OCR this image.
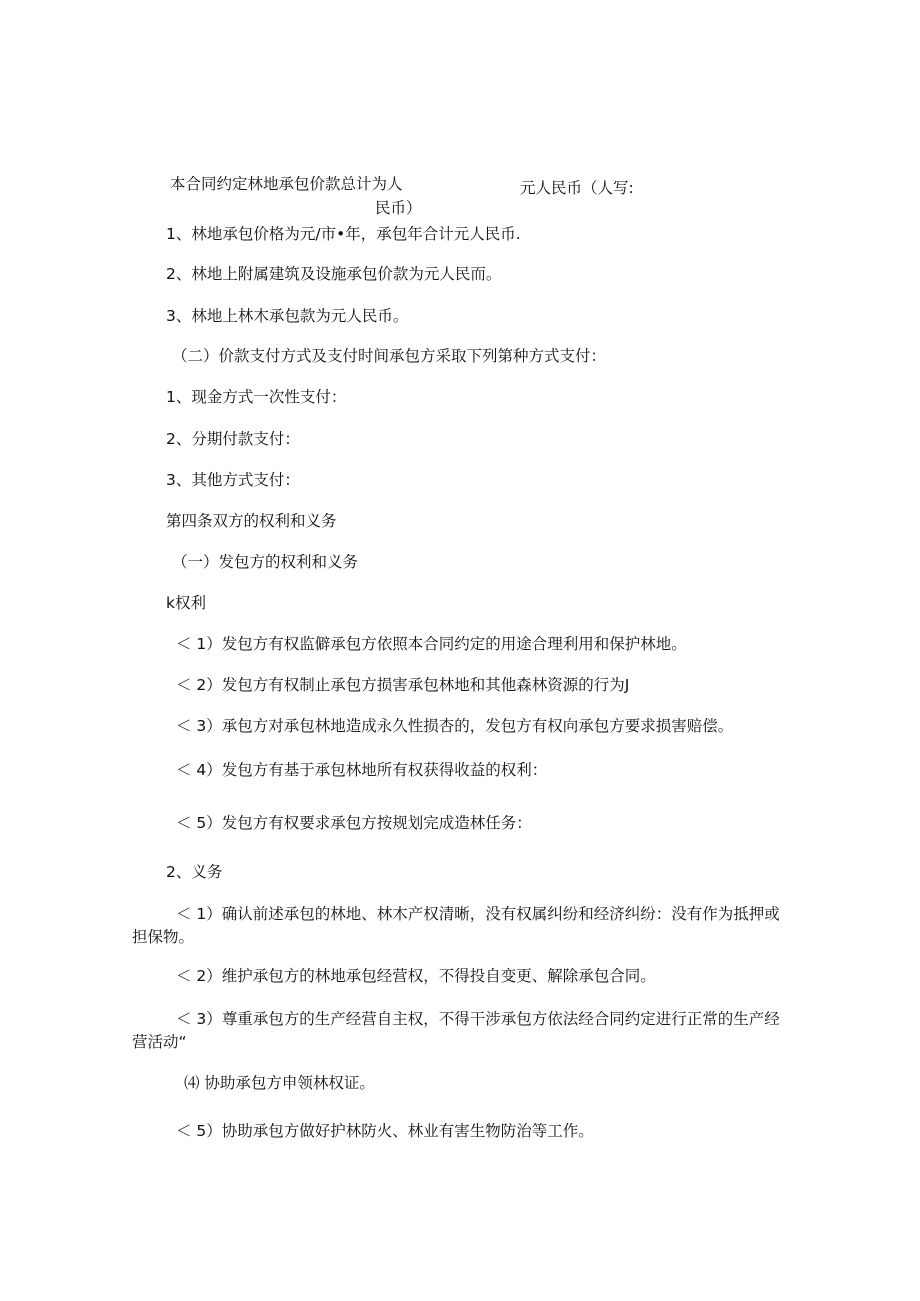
本合同约定林地承包价款总计为人	元人民币（人写:
民币）
1、林地承包价格为元/市•年，承包年合计元人民币.
2、林地上附属建筑及设施承包价款为元人民而。
3、林地上林木承包款为元人民币。
（二）价款支付方式及支付时间承包方采取下列第种方式支付：
1、现金方式一次性支付：
2、分期付款支付：
3、其他方式支付：
第四条双方的权利和义务
（一）发包方的权利和义务
k权利
＜ 1）发包方有权监僻承包方依照本合同约定的用途合理利用和保护林地。
＜ 2）发包方有权制止承包方损害承包林地和其他森林资源的行为J
＜ 3）承包方对承包林地造成永久性损杏的，发包方有权向承包方要求损害赔偿。
＜ 4）发包方有基于承包林地所有权获得收益的权利：
＜ 5）发包方有权要求承包方按规划完成造林任务：
2、义务
＜ 1）确认前述承包的林地、林木产权清晰，没有权属纠纷和经济纠纷：没有作为抵押或担保物。
＜ 2）维护承包方的林地承包经营权，不得投自变更、解除承包合同。
＜ 3）尊重承包方的生产经营自主权，不得干涉承包方依法经合同约定进行正常的生产经营活动“
⑷ 协助承包方申领林权证。
＜ 5）协助承包方做好护林防火、林业有害生物防治等工作。
